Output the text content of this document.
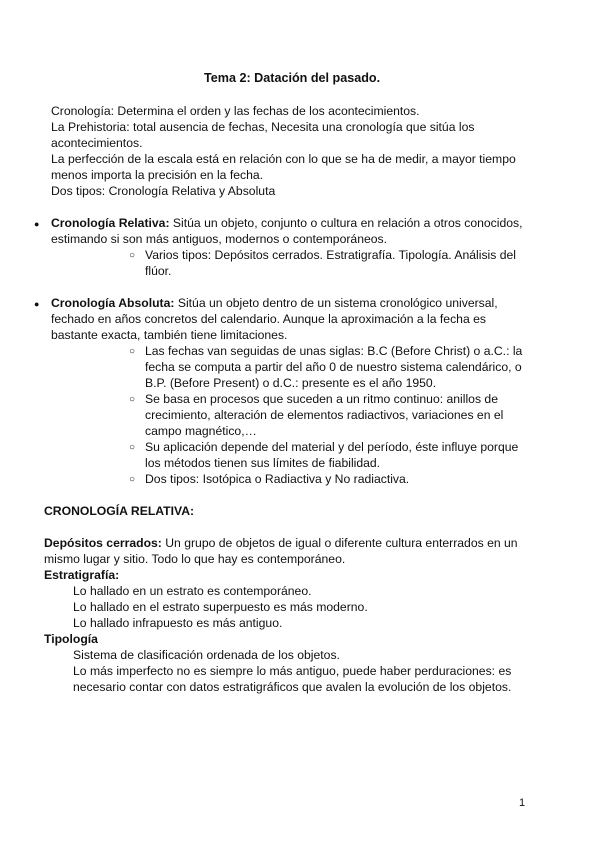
Tema 2: Datación del pasado.
Cronología: Determina el orden y las fechas de los acontecimientos.
La Prehistoria: total ausencia de fechas, Necesita una cronología que sitúa los
acontecimientos.
La perfección de la escala está en relación con lo que se ha de medir, a mayor tiempo
menos importa la precisión en la fecha.
Dos tipos: Cronología Relativa y Absoluta
● Cronología Relativa: Sitúa un objeto, conjunto o cultura en relación a otros conocidos,
estimando si son más antiguos, modernos o contemporáneos.
○ Varios tipos: Depósitos cerrados. Estratigrafía. Tipología. Análisis del
flúor.
● Cronología Absoluta: Sitúa un objeto dentro de un sistema cronológico universal,
fechado en años concretos del calendario. Aunque la aproximación a la fecha es
bastante exacta, también tiene limitaciones.
○ Las fechas van seguidas de unas siglas: B.C (Before Christ) o a.C.: la
fecha se computa a partir del año 0 de nuestro sistema calendárico, o
B.P. (Before Present) o d.C.: presente es el año 1950.
○ Se basa en procesos que suceden a un ritmo continuo: anillos de
crecimiento, alteración de elementos radiactivos, variaciones en el
campo magnético,…
○ Su aplicación depende del material y del período, éste influye porque
los métodos tienen sus límites de fiabilidad.
○ Dos tipos: Isotópica o Radiactiva y No radiactiva.
CRONOLOGÍA RELATIVA:
Depósitos cerrados: Un grupo de objetos de igual o diferente cultura enterrados en un
mismo lugar y sitio. Todo lo que hay es contemporáneo.
Estratigrafía:
Lo hallado en un estrato es contemporáneo.
Lo hallado en el estrato superpuesto es más moderno.
Lo hallado infrapuesto es más antiguo.
Tipología
Sistema de clasificación ordenada de los objetos.
Lo más imperfecto no es siempre lo más antiguo, puede haber perduraciones: es
necesario contar con datos estratigráficos que avalen la evolución de los objetos.
1
